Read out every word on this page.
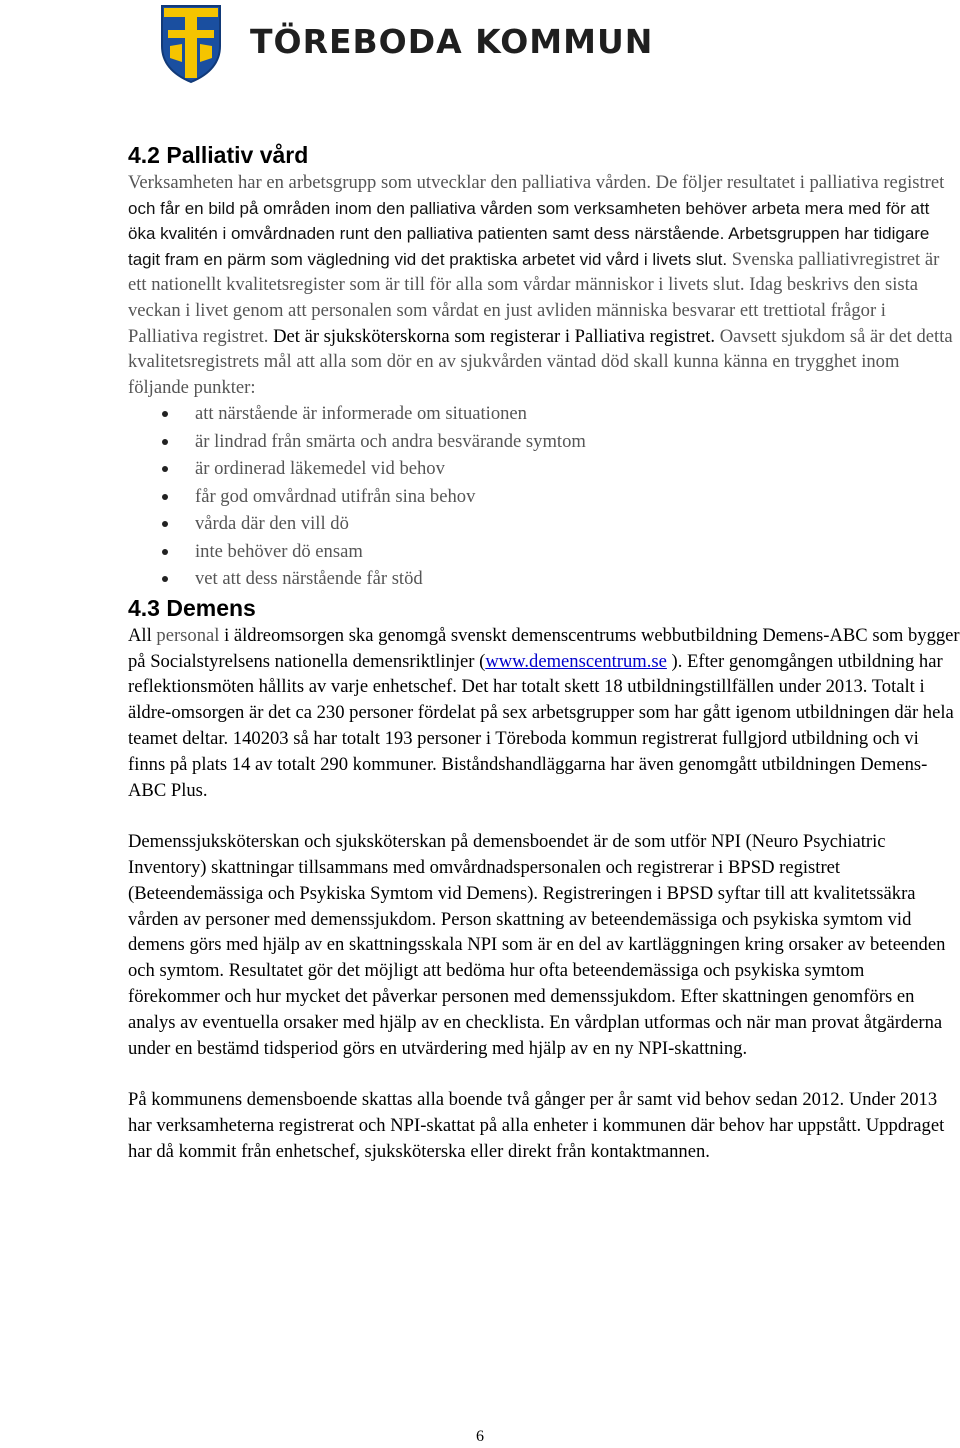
TÖREBODA KOMMUN
4.2 Palliativ vård

Verksamheten har en arbetsgrupp som utvecklar den palliativa vården. De följer resultatet i palliativa registret och får en bild på områden inom den palliativa vården som verksamheten behöver arbeta mera med för att öka kvalitén i omvårdnaden runt den palliativa patienten samt dess närstående. Arbetsgruppen har tidigare tagit fram en pärm som vägledning vid det praktiska arbetet vid vård i livets slut. Svenska palliativregistret är ett nationellt kvalitetsregister som är till för alla som vårdar människor i livets slut. Idag beskrivs den sista veckan i livet genom att personalen som vårdat en just avliden människa besvarar ett trettiotal frågor i Palliativa registret. Det är sjuksköterskorna som registerar i Palliativa registret. Oavsett sjukdom så är det detta kvalitetsregistrets mål att alla som dör en av sjukvården väntad död skall kunna känna en trygghet inom följande punkter:

att närstående är informerade om situationen
är lindrad från smärta och andra besvärande symtom
är ordinerad läkemedel vid behov
får god omvårdnad utifrån sina behov
vårda där den vill dö
inte behöver dö ensam
vet att dess närstående får stöd
4.3 Demens

All personal i äldreomsorgen ska genomgå svenskt demenscentrums webbutbildning Demens-ABC som bygger på Socialstyrelsens nationella demensriktlinjer (www.demenscentrum.se ). Efter genomgången utbildning har reflektionsmöten hållits av varje enhetschef. Det har totalt skett 18 utbildningstillfällen under 2013. Totalt i äldre-omsorgen är det ca 230 personer fördelat på sex arbetsgrupper som har gått igenom utbildningen där hela teamet deltar. 140203 så har totalt 193 personer i Töreboda kommun registrerat fullgjord utbildning och vi finns på plats 14 av totalt 290 kommuner. Biståndshandläggarna har även genomgått utbildningen Demens-ABC Plus.

Demenssjuksköterskan och sjuksköterskan på demensboendet är de som utför NPI (Neuro Psychiatric Inventory) skattningar tillsammans med omvårdnadspersonalen och registrerar i BPSD registret (Beteendemässiga och Psykiska Symtom vid Demens). Registreringen i BPSD syftar till att kvalitetssäkra vården av personer med demenssjukdom. Person skattning av beteendemässiga och psykiska symtom vid demens görs med hjälp av en skattningsskala NPI som är en del av kartläggningen kring orsaker av beteenden och symtom. Resultatet gör det möjligt att bedöma hur ofta beteendemässiga och psykiska symtom förekommer och hur mycket det påverkar personen med demenssjukdom. Efter skattningen genomförs en analys av eventuella orsaker med hjälp av en checklista. En vårdplan utformas och när man provat åtgärderna under en bestämd tidsperiod görs en utvärdering med hjälp av en ny NPI-skattning.

På kommunens demensboende skattas alla boende två gånger per år samt vid behov sedan 2012. Under 2013 har verksamheterna registrerat och NPI-skattat på alla enheter i kommunen där behov har uppstått. Uppdraget har då kommit från enhetschef, sjuksköterska eller direkt från kontaktmannen.

6
